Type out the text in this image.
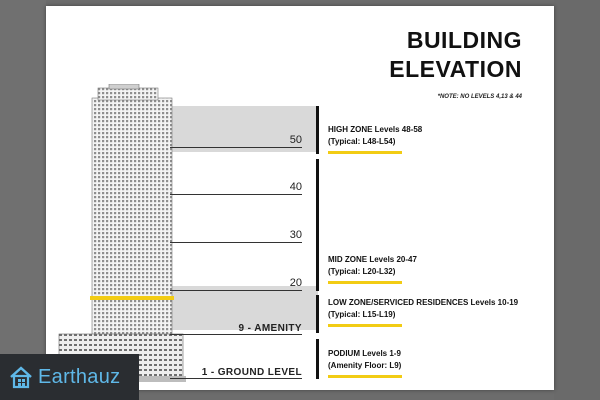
BUILDING
ELEVATION
*NOTE: NO LEVELS 4,13 & 44
50
40
30
20
9 - AMENITY
1 - GROUND LEVEL
HIGH ZONE Levels 48-58
(Typical: L48-L54)
MID ZONE Levels 20-47
(Typical: L20-L32)
LOW ZONE/SERVICED RESIDENCES Levels 10-19
(Typical: L15-L19)
PODIUM Levels 1-9
(Amenity Floor: L9)
Earthauz
